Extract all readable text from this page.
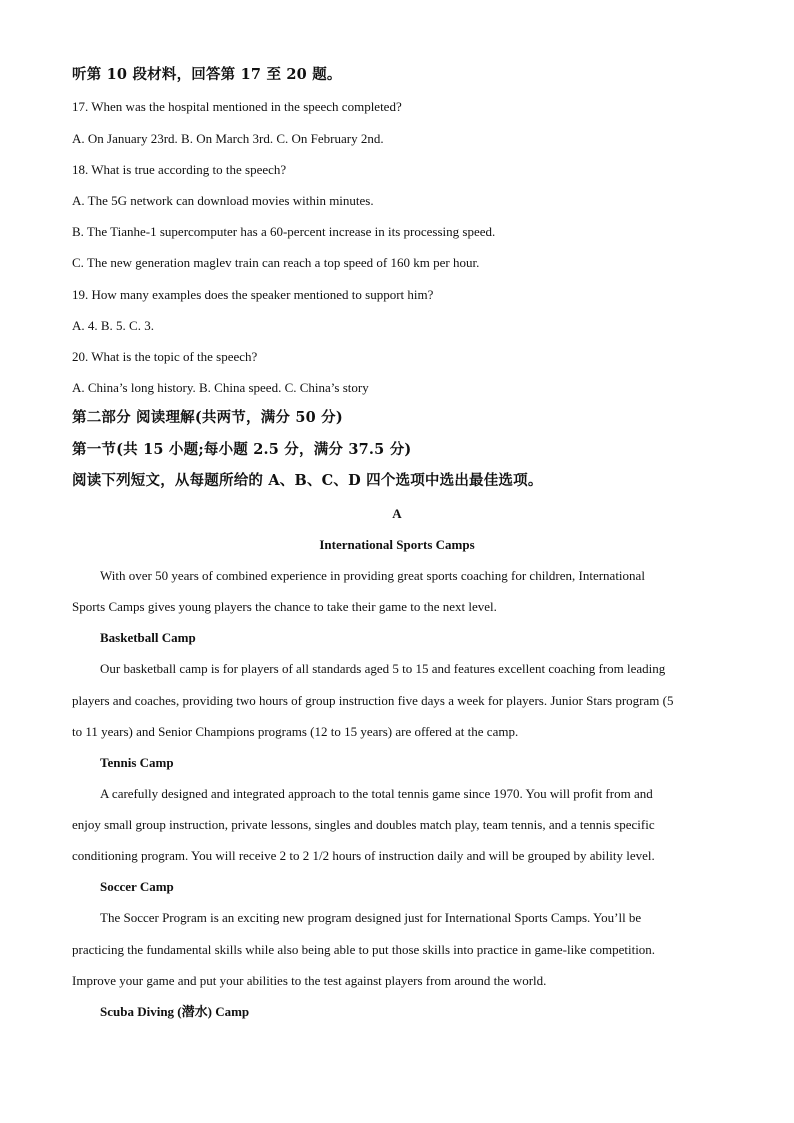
听第 10 段材料，回答第 17 至 20 题。
17. When was the hospital mentioned in the speech completed?
A. On January 23rd. B. On March 3rd. C. On February 2nd.
18. What is true according to the speech?
A. The 5G network can download movies within minutes.
B. The Tianhe-1 supercomputer has a 60-percent increase in its processing speed.
C. The new generation maglev train can reach a top speed of 160 km per hour.
19. How many examples does the speaker mentioned to support him?
A. 4. B. 5. C. 3.
20. What is the topic of the speech?
A. China’s long history. B. China speed. C. China’s story
第二部分 阅读理解(共两节，满分 50 分)
第一节(共 15 小题;每小题 2.5 分，满分 37.5 分)
阅读下列短文，从每题所给的 A、B、C、D 四个选项中选出最佳选项。
A
International Sports Camps
With over 50 years of combined experience in providing great sports coaching for children, International
Sports Camps gives young players the chance to take their game to the next level.
Basketball Camp
Our basketball camp is for players of all standards aged 5 to 15 and features excellent coaching from leading
players and coaches, providing two hours of group instruction five days a week for players. Junior Stars program (5
to 11 years) and Senior Champions programs (12 to 15 years) are offered at the camp.
Tennis Camp
A carefully designed and integrated approach to the total tennis game since 1970. You will profit from and
enjoy small group instruction, private lessons, singles and doubles match play, team tennis, and a tennis specific
conditioning program. You will receive 2 to 2 1/2 hours of instruction daily and will be grouped by ability level.
Soccer Camp
The Soccer Program is an exciting new program designed just for International Sports Camps. You’ll be
practicing the fundamental skills while also being able to put those skills into practice in game-like competition.
Improve your game and put your abilities to the test against players from around the world.
Scuba Diving (潜水) Camp
